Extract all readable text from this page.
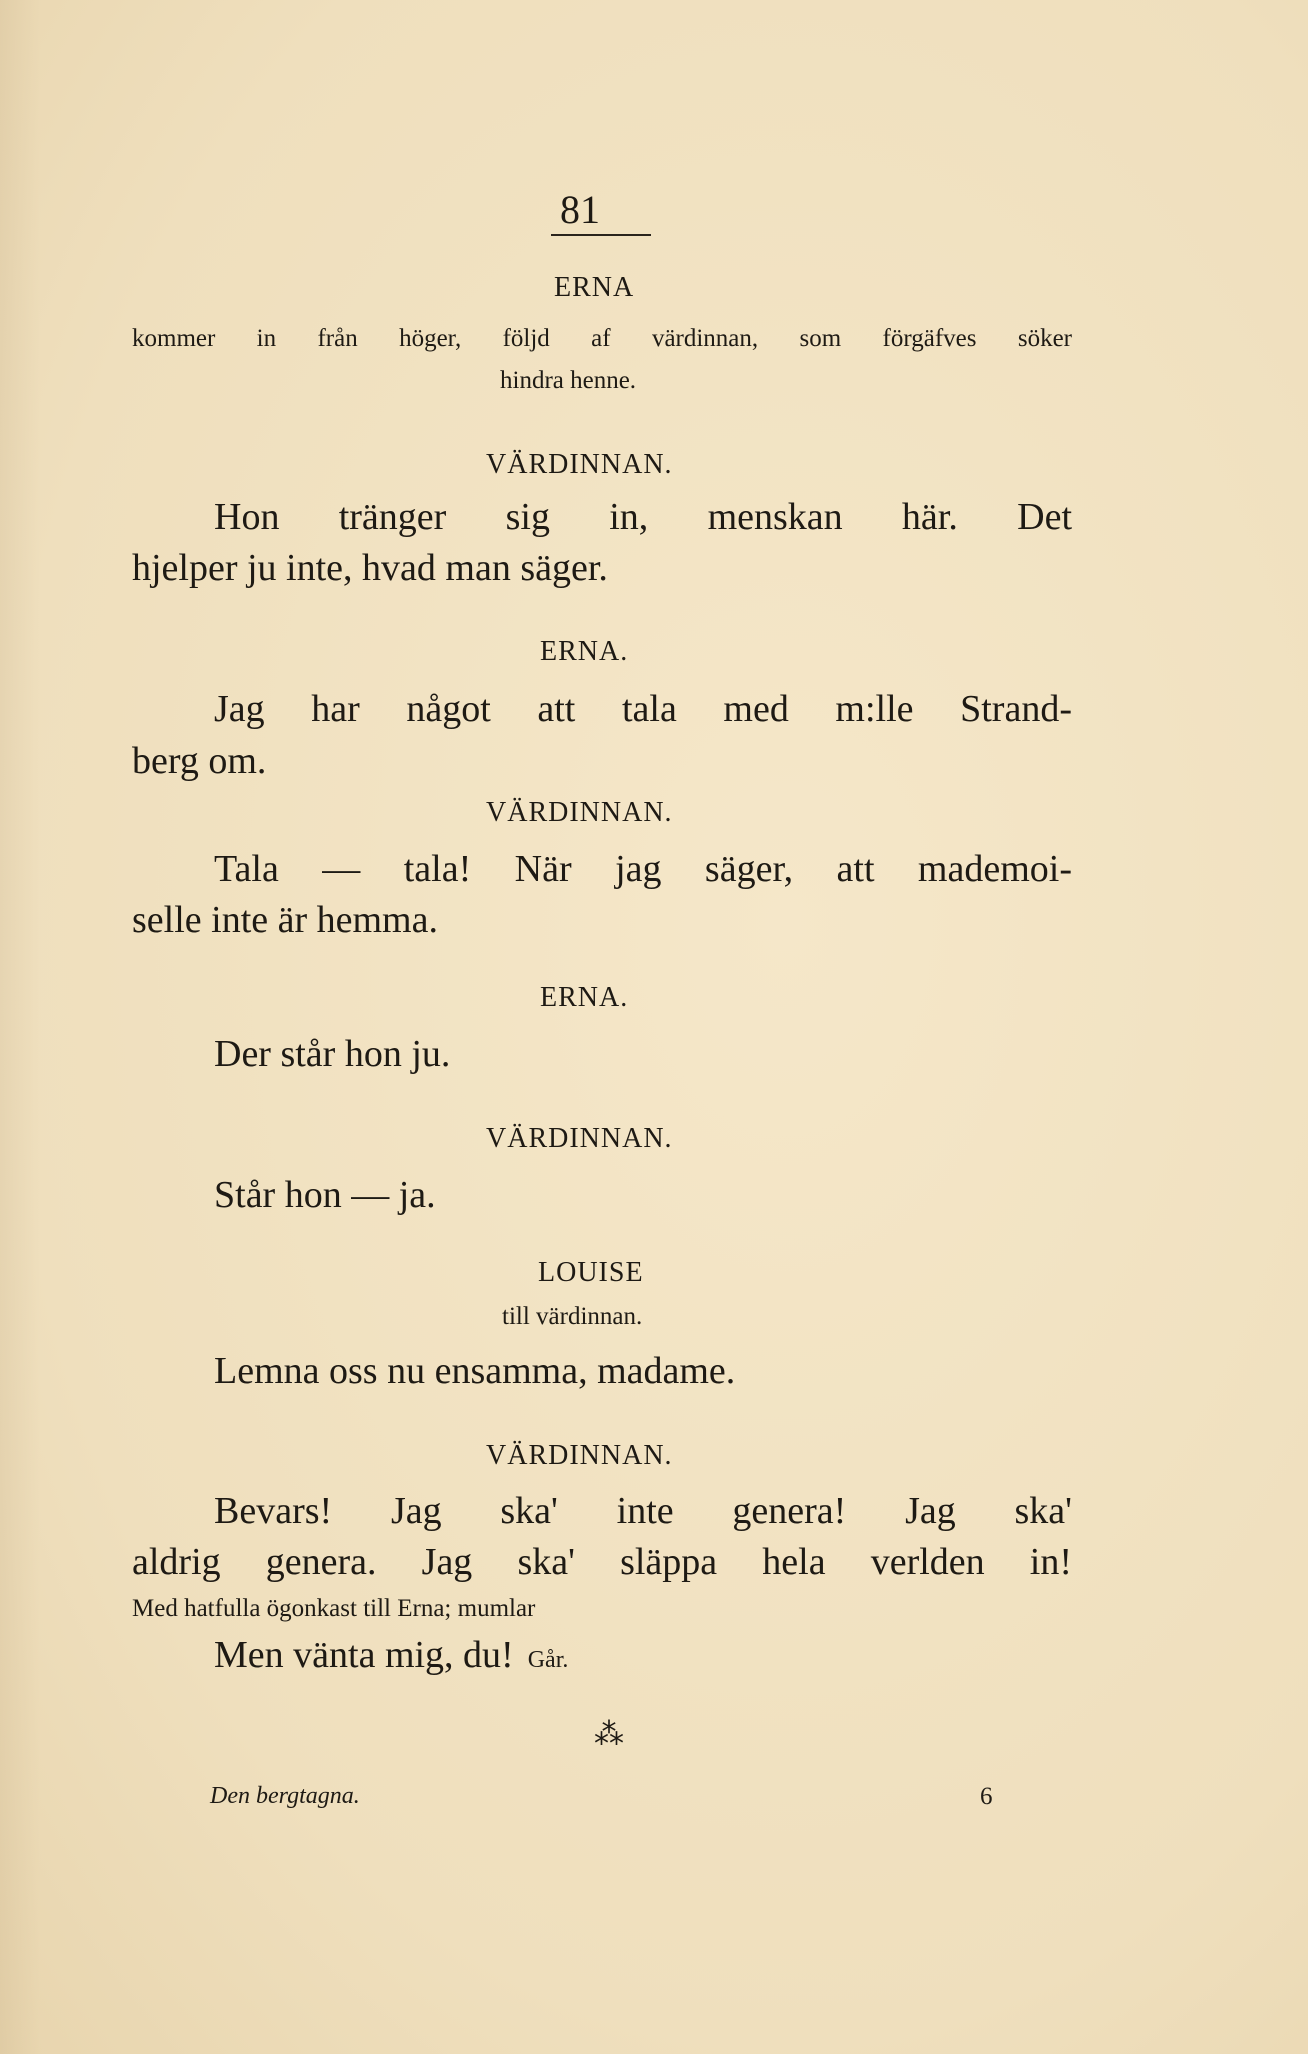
81
ERNA
kommer in från höger, följd af värdinnan, som förgäfves söker
hindra henne.
VÄRDINNAN.
Hon tränger sig in, menskan här. Det
hjelper ju inte, hvad man säger.
ERNA.
Jag har något att tala med m:lle Strand-
berg om.
VÄRDINNAN.
Tala — tala! När jag säger, att mademoi-
selle inte är hemma.
ERNA.
Der står hon ju.
VÄRDINNAN.
Står hon — ja.
LOUISE
till värdinnan.
Lemna oss nu ensamma, madame.
VÄRDINNAN.
Bevars! Jag ska' inte genera! Jag ska'
aldrig genera. Jag ska' släppa hela verlden in!
Med hatfulla ögonkast till Erna; mumlar
Men vänta mig, du! Går.
⁂
Den bergtagna.	6
